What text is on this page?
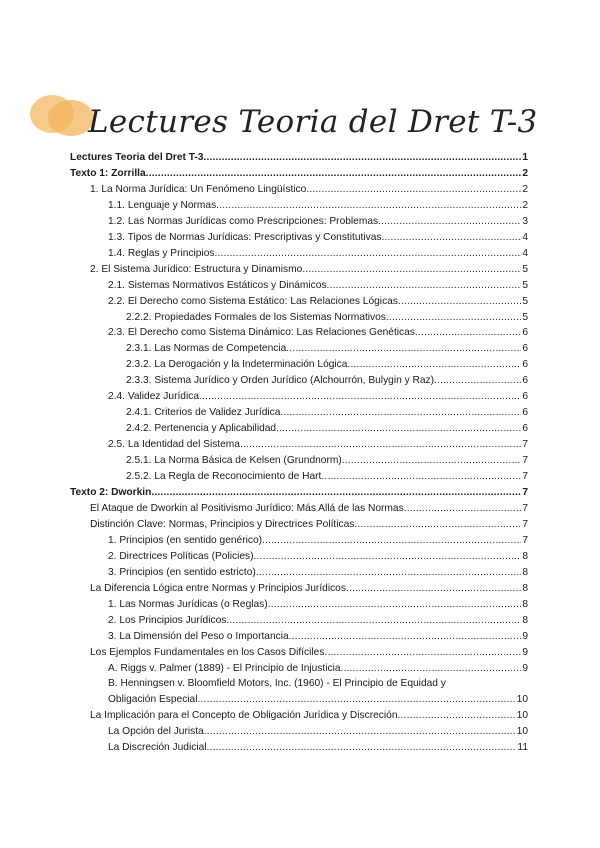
Lectures Teoria del Dret T-3
Lectures Teoria del Dret T-3	1
.....
Texto 1: Zorrilla	2
.....
1. La Norma Jurídica: Un Fenómeno Lingüístico	2
.....
1.1. Lenguaje y Normas	2
.....
1.2. Las Normas Jurídicas como Prescripciones: Problemas	3
.....
1.3. Tipos de Normas Jurídicas: Prescriptivas y Constitutivas	4
.....
1.4. Reglas y Principios	4
.....
2. El Sistema Jurídico: Estructura y Dinamismo	5
.....
2.1. Sistemas Normativos Estáticos y Dinámicos	5
.....
2.2. El Derecho como Sistema Estático: Las Relaciones Lógicas	5
.....
2.2.2. Propiedades Formales de los Sistemas Normativos	5
.....
2.3. El Derecho como Sistema Dinámico: Las Relaciones Genéticas	6
.....
2.3.1. Las Normas de Competencia	6
.....
2.3.2. La Derogación y la Indeterminación Lógica	6
.....
2.3.3. Sistema Jurídico y Orden Jurídico (Alchourrón, Bulygin y Raz)	6
.....
2.4. Validez Jurídica	6
.....
2.4.1. Criterios de Validez Jurídica	6
.....
2.4.2. Pertenencia y Aplicabilidad	6
.....
2.5. La Identidad del Sistema	7
.....
2.5.1. La Norma Básica de Kelsen (Grundnorm)	7
.....
2.5.2. La Regla de Reconocimiento de Hart	7
.....
Texto 2: Dworkin	7
.....
El Ataque de Dworkin al Positivismo Jurídico: Más Allá de las Normas	7
.....
Distinción Clave: Normas, Principios y Directrices Políticas	7
.....
1. Principios (en sentido genérico)	7
.....
2. Directrices Políticas (Policies)	8
.....
3. Principios (en sentido estricto)	8
.....
La Diferencia Lógica entre Normas y Principios Jurídicos	8
.....
1. Las Normas Jurídicas (o Reglas)	8
.....
2. Los Principios Jurídicos	8
.....
3. La Dimensión del Peso o Importancia	9
.....
Los Ejemplos Fundamentales en los Casos Difíciles	9
.....
A. Riggs v. Palmer (1889) - El Principio de Injusticia	9
.....
B. Henningsen v. Bloomfield Motors, Inc. (1960) - El Principio de Equidad y
Obligación Especial	10
.....
La Implicación para el Concepto de Obligación Jurídica y Discreción	10
.....
La Opción del Jurista	10
.....
La Discreción Judicial	11
.....
